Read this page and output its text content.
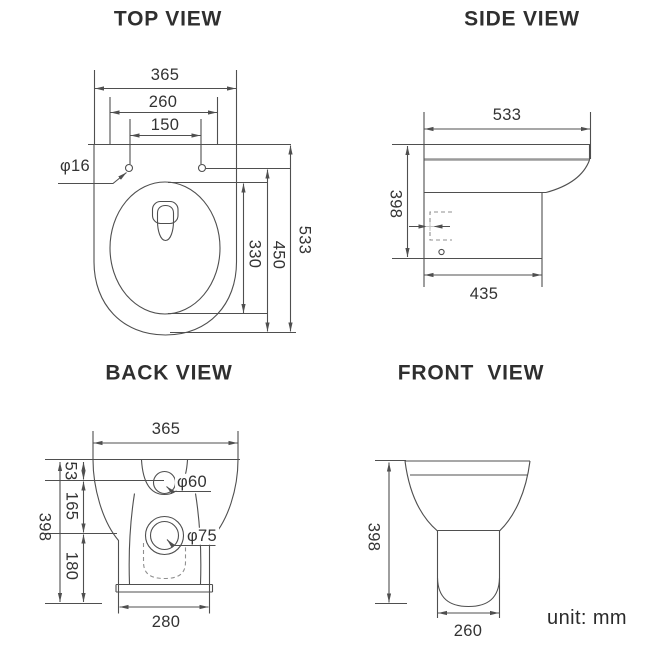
TOP VIEW	SIDE VIEW
BACK VIEW	FRONT  VIEW
365
260
150
φ16
330 450
533
533
398
435
365
53
165
180
398
φ60
φ75
280
398
260
unit: mm
